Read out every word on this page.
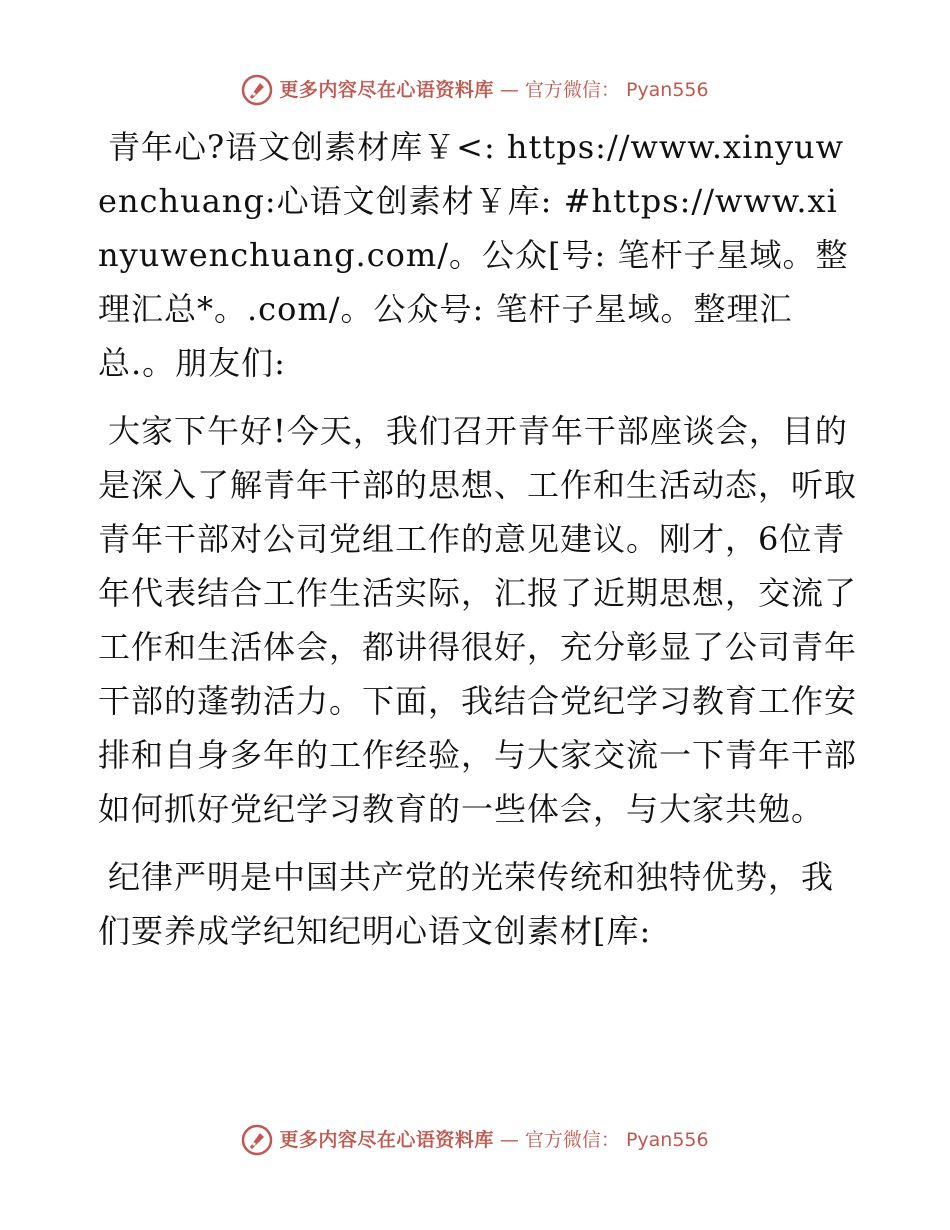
更多内容尽在心语资料库 — 官方微信： Pyan556

青年心?语文创素材库￥<: https://www.xinyuwenchuang:心语文创素材￥库: #https://www.xinyuwenchuang.com/。公众[号: 笔杆子星域。整理汇总*。.com/。公众号: 笔杆子星域。整理汇总.。朋友们:

大家下午好!今天，我们召开青年干部座谈会，目的是深入了解青年干部的思想、工作和生活动态，听取青年干部对公司党组工作的意见建议。刚才，6位青年代表结合工作生活实际，汇报了近期思想，交流了工作和生活体会，都讲得很好，充分彰显了公司青年干部的蓬勃活力。下面，我结合党纪学习教育工作安排和自身多年的工作经验，与大家交流一下青年干部如何抓好党纪学习教育的一些体会，与大家共勉。

纪律严明是中国共产党的光荣传统和独特优势，我们要养成学纪知纪明心语文创素材[库:

更多内容尽在心语资料库 — 官方微信： Pyan556
